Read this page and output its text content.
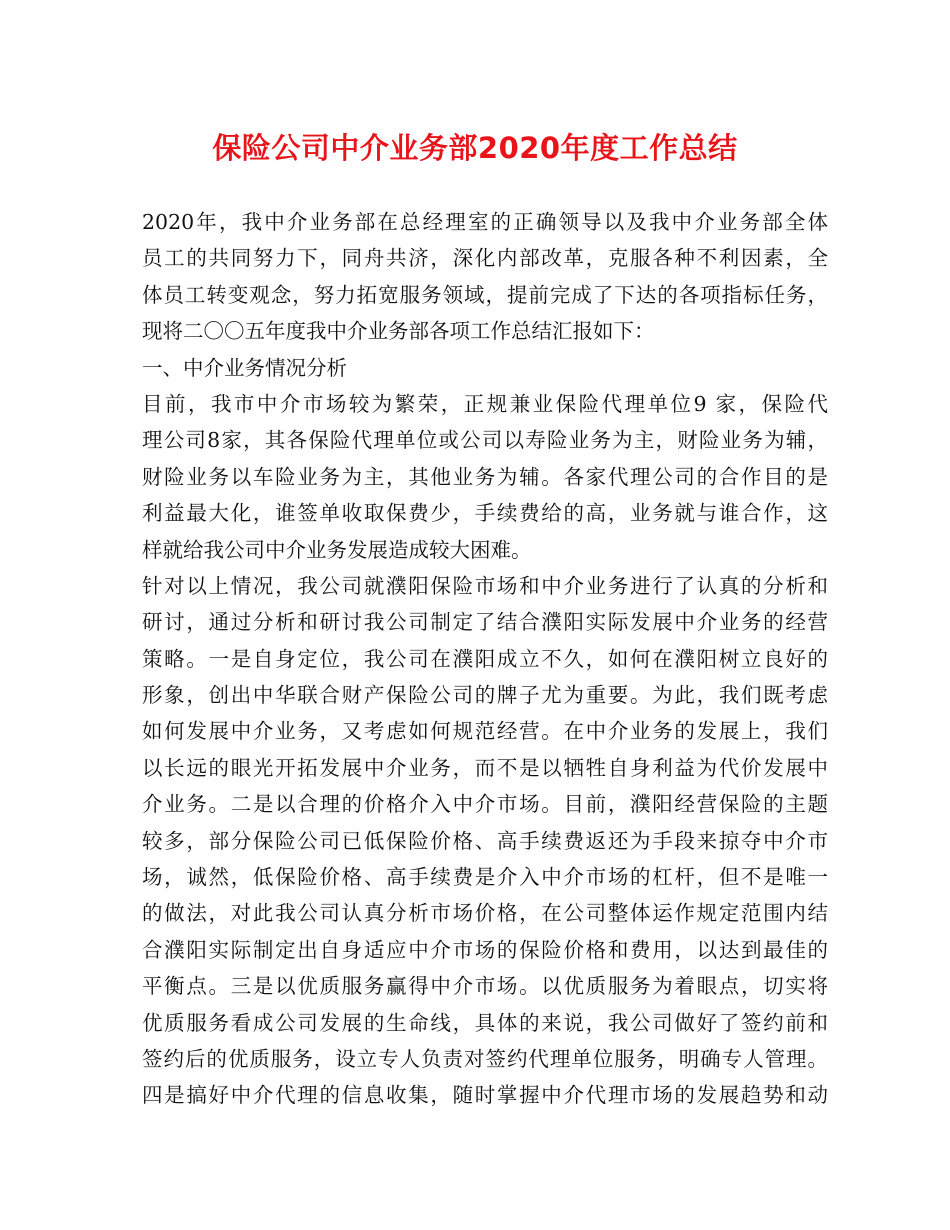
保险公司中介业务部2020年度工作总结
2020年，我中介业务部在总经理室的正确领导以及我中介业务部全体
员工的共同努力下，同舟共济，深化内部改革，克服各种不利因素，全
体员工转变观念，努力拓宽服务领域，提前完成了下达的各项指标任务，
现将二〇〇五年度我中介业务部各项工作总结汇报如下：
一、中介业务情况分析
目前，我市中介市场较为繁荣，正规兼业保险代理单位9 家，保险代
理公司8家，其各保险代理单位或公司以寿险业务为主，财险业务为辅，
财险业务以车险业务为主，其他业务为辅。各家代理公司的合作目的是
利益最大化，谁签单收取保费少，手续费给的高，业务就与谁合作，这
样就给我公司中介业务发展造成较大困难。
针对以上情况，我公司就濮阳保险市场和中介业务进行了认真的分析和
研讨，通过分析和研讨我公司制定了结合濮阳实际发展中介业务的经营
策略。一是自身定位，我公司在濮阳成立不久，如何在濮阳树立良好的
形象，创出中华联合财产保险公司的牌子尤为重要。为此，我们既考虑
如何发展中介业务，又考虑如何规范经营。在中介业务的发展上，我们
以长远的眼光开拓发展中介业务，而不是以牺牲自身利益为代价发展中
介业务。二是以合理的价格介入中介市场。目前，濮阳经营保险的主题
较多，部分保险公司已低保险价格、高手续费返还为手段来掠夺中介市
场，诚然，低保险价格、高手续费是介入中介市场的杠杆，但不是唯一
的做法，对此我公司认真分析市场价格，在公司整体运作规定范围内结
合濮阳实际制定出自身适应中介市场的保险价格和费用，以达到最佳的
平衡点。三是以优质服务赢得中介市场。以优质服务为着眼点，切实将
优质服务看成公司发展的生命线，具体的来说，我公司做好了签约前和
签约后的优质服务，设立专人负责对签约代理单位服务，明确专人管理。
四是搞好中介代理的信息收集，随时掌握中介代理市场的发展趋势和动
